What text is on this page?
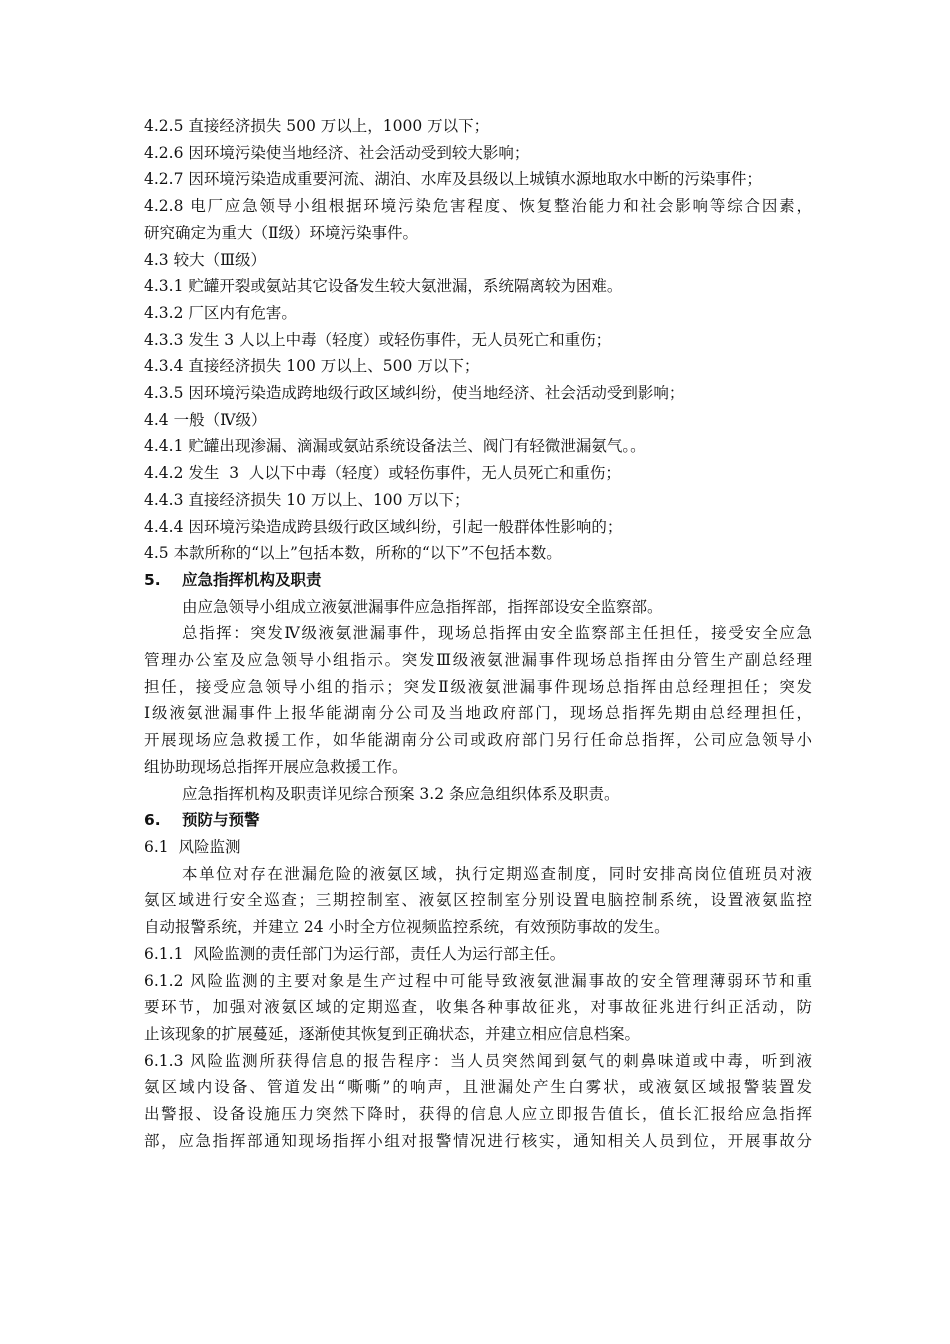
4.2.5 直接经济损失 500 万以上，1000 万以下；
4.2.6 因环境污染使当地经济、社会活动受到较大影响；
4.2.7 因环境污染造成重要河流、湖泊、水库及县级以上城镇水源地取水中断的污染事件；
4.2.8 电厂应急领导小组根据环境污染危害程度、恢复整治能力和社会影响等综合因素，
研究确定为重大（Ⅱ级）环境污染事件。
4.3 较大（Ⅲ级）
4.3.1 贮罐开裂或氨站其它设备发生较大氨泄漏，系统隔离较为困难。
4.3.2 厂区内有危害。
4.3.3 发生 3 人以上中毒（轻度）或轻伤事件，无人员死亡和重伤；
4.3.4 直接经济损失 100 万以上、500 万以下；
4.3.5 因环境污染造成跨地级行政区域纠纷，使当地经济、社会活动受到影响；
4.4 一般（Ⅳ级）
4.4.1 贮罐出现渗漏、滴漏或氨站系统设备法兰、阀门有轻微泄漏氨气。。
4.4.2 发生  3  人以下中毒（轻度）或轻伤事件，无人员死亡和重伤；
4.4.3 直接经济损失 10 万以上、100 万以下；
4.4.4 因环境污染造成跨县级行政区域纠纷，引起一般群体性影响的；
4.5 本款所称的“以上”包括本数，所称的“以下”不包括本数。
5. 应急指挥机构及职责
由应急领导小组成立液氨泄漏事件应急指挥部，指挥部设安全监察部。
总指挥：突发Ⅳ级液氨泄漏事件，现场总指挥由安全监察部主任担任，接受安全应急
管理办公室及应急领导小组指示。突发Ⅲ级液氨泄漏事件现场总指挥由分管生产副总经理
担任，接受应急领导小组的指示；突发Ⅱ级液氨泄漏事件现场总指挥由总经理担任；突发
Ⅰ级液氨泄漏事件上报华能湖南分公司及当地政府部门，现场总指挥先期由总经理担任，
开展现场应急救援工作，如华能湖南分公司或政府部门另行任命总指挥，公司应急领导小
组协助现场总指挥开展应急救援工作。
应急指挥机构及职责详见综合预案 3.2 条应急组织体系及职责。
6. 预防与预警
6.1  风险监测
本单位对存在泄漏危险的液氨区域，执行定期巡查制度，同时安排高岗位值班员对液
氨区域进行安全巡查；三期控制室、液氨区控制室分别设置电脑控制系统，设置液氨监控
自动报警系统，并建立 24 小时全方位视频监控系统，有效预防事故的发生。
6.1.1  风险监测的责任部门为运行部，责任人为运行部主任。
6.1.2 风险监测的主要对象是生产过程中可能导致液氨泄漏事故的安全管理薄弱环节和重
要环节，加强对液氨区域的定期巡查，收集各种事故征兆，对事故征兆进行纠正活动，防
止该现象的扩展蔓延，逐渐使其恢复到正确状态，并建立相应信息档案。
6.1.3 风险监测所获得信息的报告程序：当人员突然闻到氨气的刺鼻味道或中毒，听到液
氨区域内设备、管道发出“嘶嘶”的响声，且泄漏处产生白雾状，或液氨区域报警装置发
出警报、设备设施压力突然下降时，获得的信息人应立即报告值长，值长汇报给应急指挥
部，应急指挥部通知现场指挥小组对报警情况进行核实，通知相关人员到位，开展事故分
